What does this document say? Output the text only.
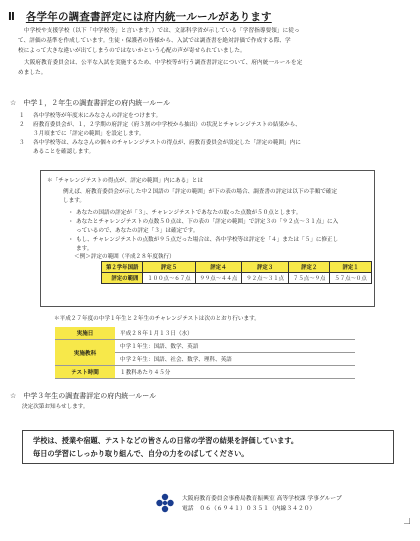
Ⅱ 各学年の調査書評定には府内統一ルールがあります
中学校や支援学校（以下「中学校等」と言います。）では、文部科学省が示している「学習指導要領」に従っ
て、評価の基準を作成しています。生徒・保護者の皆様から、入試では調査書を絶対評価で作成する際、学
校によって大きな違いが出てしまうのではないかという心配の声が寄せられていました。
大阪府教育委員会は、公平な入試を実施するため、中学校等が行う調査書評定について、府内統一ルールを定
めました。
☆　中学１，２年生の調査書評定の府内統一ルール
１	各中学校等が年度末にみなさんの評定をつけます。
２	府教育委員会が、１，２学期の府評定（府３割の中学校から抽出）の状況とチャレンジテストの結果から、
３月頃までに「評定の範囲」を設定します。
３	各中学校等は、みなさんの個々のチャレンジテストの得点が、府教育委員会が設定した「評定の範囲」内に
あることを確認します。
＊「チャレンジテストの得点が、評定の範囲」内にある」とは
例えば、府教育委員会が示した中２国語の「評定の範囲」が下の表の場合、調査書の評定は以下の手順で確定
します。
・ あなたの国語の評定が「３」、チャレンジテストであなたの取った点数が５０点とします。
・ あなたとチャレンジテストの点数５０点は、下の表の「評定の範囲」で評定３の「９２点～３１点」に入
っているので、あなたの評定「３」は確定です。
・ もし、チャレンジテストの点数が９５点だった場合は、各中学校等は評定を「４」または「５」に修正し
ます。
＜例＞評定の範囲（平成２８年度執行）
第２学年国語	評定５	評定４	評定３	評定２	評定１
評定の範囲	１００点～６７点	９９点～４４点	９２点～３１点	７５点～９点	５７点～０点
＊平成２７年度の中学１年生と２年生のチャレンジテストは次のとおり行います。
実施日	平成２８年１月１３日（水）
実施教科	中学１年生：国語、数学、英語
	中学２年生：国語、社会、数学、理科、英語
テスト時間	１教科あたり４５分
☆　中学３年生の調査書評定の府内統一ルール
決定次第お知らせします。
学校は、授業や宿題、テストなどの皆さんの日常の学習の結果を評価しています。
毎日の学習にしっかり取り組んで、自分の力をのばしてください。
大阪府教育委員会事務局教育振興室 高等学校課 学事グループ
電話　０６（６９４１）０３５１（内線３４２０）
